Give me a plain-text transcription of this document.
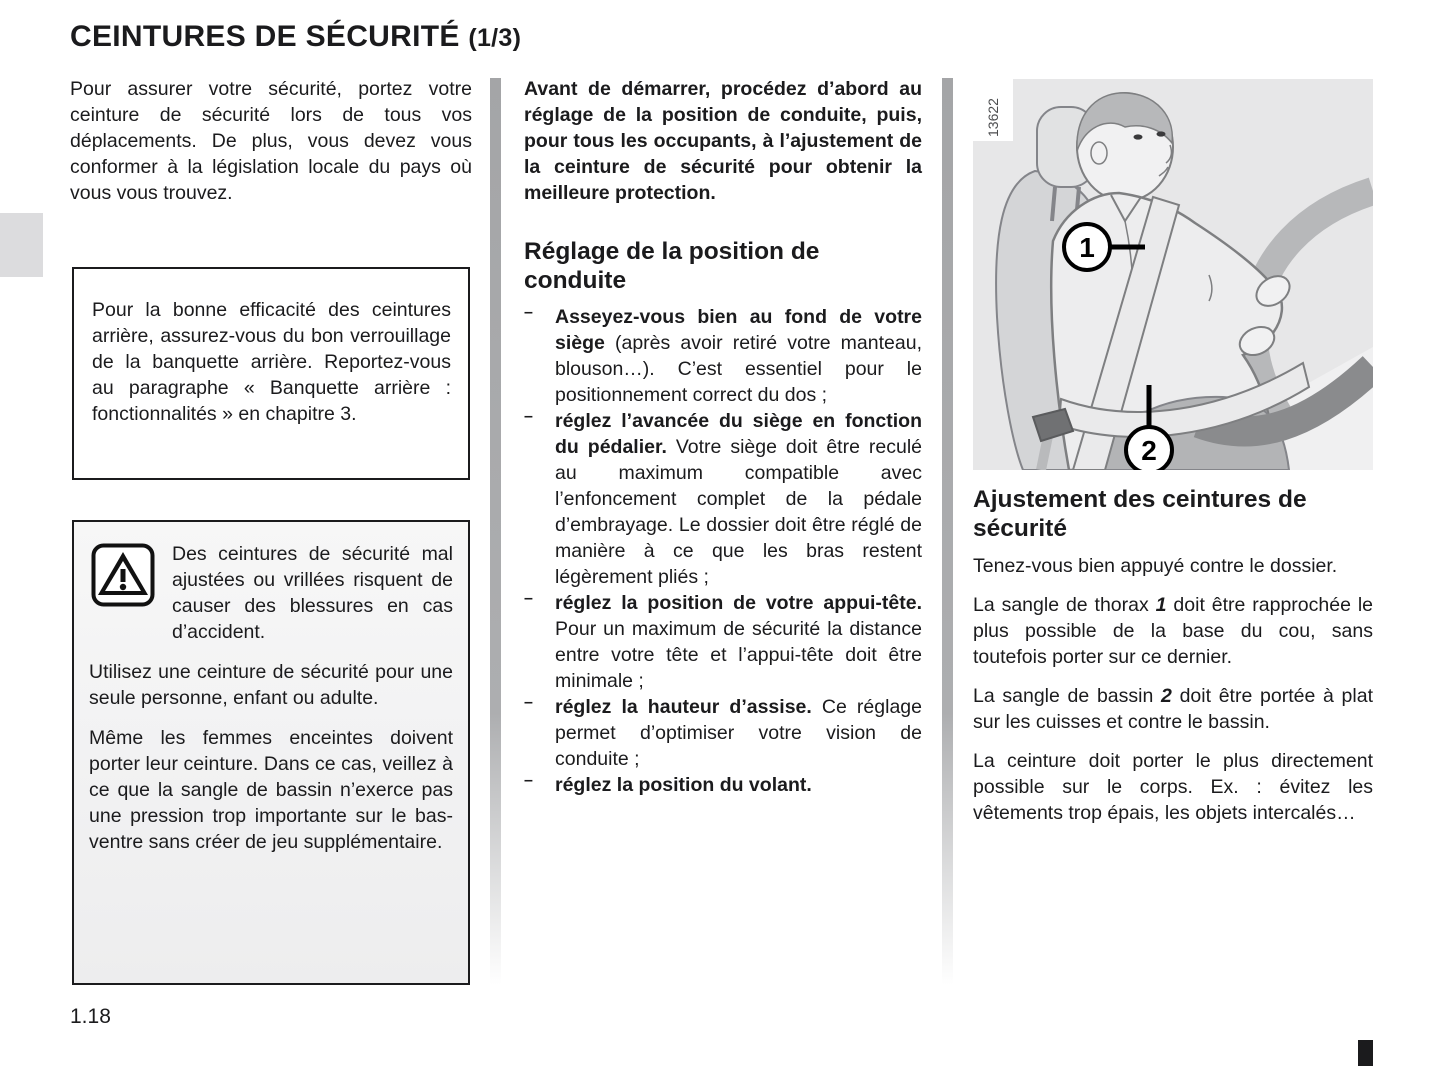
CEINTURES DE SÉCURITÉ (1/3)

Pour assurer votre sécurité, portez votre ceinture de sécurité lors de tous vos déplacements. De plus, vous devez vous conformer à la législation locale du pays où vous vous trouvez.

Pour la bonne efficacité des ceintures arrière, assurez-vous du bon verrouillage de la banquette arrière. Reportez-vous au paragraphe « Banquette arrière : fonctionnalités » en chapitre 3.

Des ceintures de sécurité mal ajustées ou vrillées risquent de causer des blessures en cas d’accident.

Utilisez une ceinture de sécurité pour une seule personne, enfant ou adulte.

Même les femmes enceintes doivent porter leur ceinture. Dans ce cas, veillez à ce que la sangle de bassin n’exerce pas une pression trop importante sur le bas-ventre sans créer de jeu supplémentaire.

Avant de démarrer, procédez d’abord au réglage de la position de conduite, puis, pour tous les occupants, à l’ajustement de la ceinture de sécurité pour obtenir la meilleure protection.

Réglage de la position de conduite
–	Asseyez-vous bien au fond de votre siège (après avoir retiré votre manteau, blouson…). C’est essentiel pour le positionnement correct du dos ;

–	réglez l’avancée du siège en fonction du pédalier. Votre siège doit être reculé au maximum compatible avec l’enfoncement complet de la pédale d’embrayage. Le dossier doit être réglé de manière à ce que les bras restent légèrement pliés ;

–	réglez la position de votre appui-tête. Pour un maximum de sécurité la distance entre votre tête et l’appui-tête doit être minimale ;

–	réglez la hauteur d’assise. Ce réglage permet d’optimiser votre vision de conduite ;

–	réglez la position du volant.

1
2
13622
Ajustement des ceintures de sécurité

Tenez-vous bien appuyé contre le dossier.

La sangle de thorax 1 doit être rapprochée le plus possible de la base du cou, sans toutefois porter sur ce dernier.

La sangle de bassin 2 doit être portée à plat sur les cuisses et contre le bassin.

La ceinture doit porter le plus directement possible sur le corps. Ex. : évitez les vêtements trop épais, les objets intercalés…

1.18
